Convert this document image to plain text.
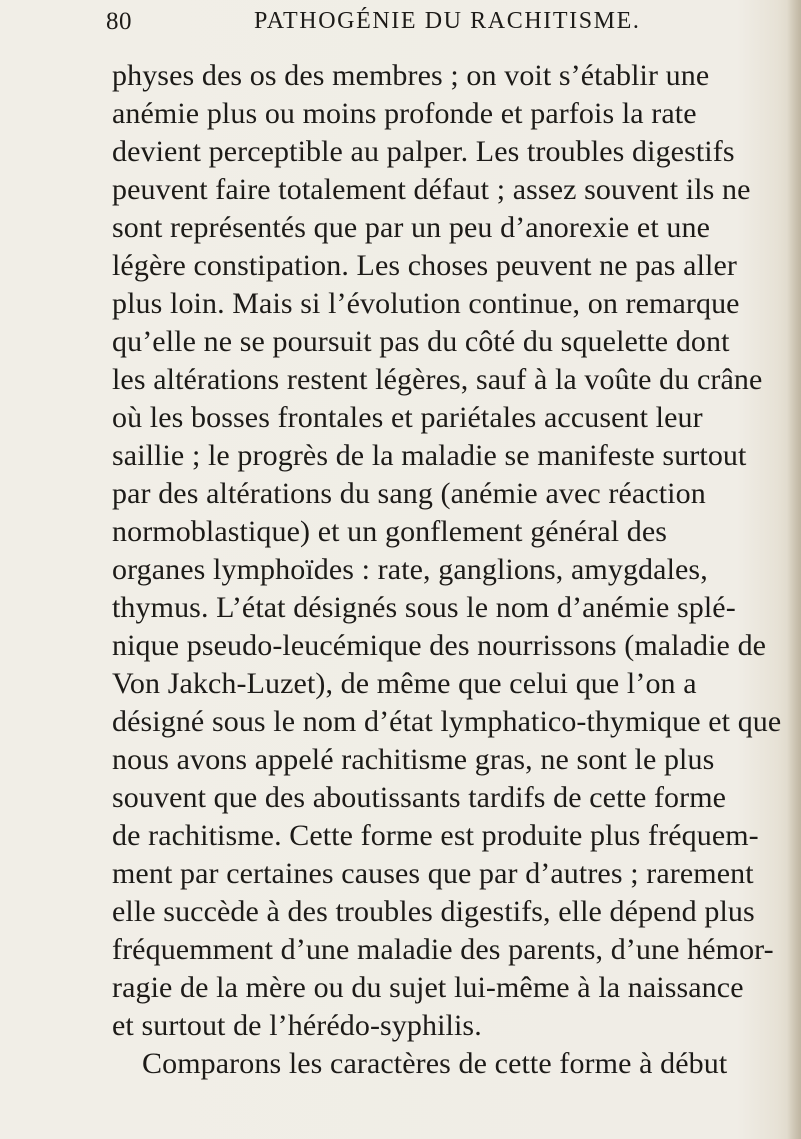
80	PATHOGÉNIE DU RACHITISME.
physes des os des membres ; on voit s’établir une
anémie plus ou moins profonde et parfois la rate
devient perceptible au palper. Les troubles digestifs
peuvent faire totalement défaut ; assez souvent ils ne
sont représentés que par un peu d’anorexie et une
légère constipation. Les choses peuvent ne pas aller
plus loin. Mais si l’évolution continue, on remarque
qu’elle ne se poursuit pas du côté du squelette dont
les altérations restent légères, sauf à la voûte du crâne
où les bosses frontales et pariétales accusent leur
saillie ; le progrès de la maladie se manifeste surtout
par des altérations du sang (anémie avec réaction
normoblastique) et un gonflement général des
organes lymphoïdes : rate, ganglions, amygdales,
thymus. L’état désignés sous le nom d’anémie splé-
nique pseudo-leucémique des nourrissons (maladie de
Von Jakch-Luzet), de même que celui que l’on a
désigné sous le nom d’état lymphatico-thymique et que
nous avons appelé rachitisme gras, ne sont le plus
souvent que des aboutissants tardifs de cette forme
de rachitisme. Cette forme est produite plus fréquem-
ment par certaines causes que par d’autres ; rarement
elle succède à des troubles digestifs, elle dépend plus
fréquemment d’une maladie des parents, d’une hémor-
ragie de la mère ou du sujet lui-même à la naissance
et surtout de l’hérédo-syphilis.
Comparons les caractères de cette forme à début
